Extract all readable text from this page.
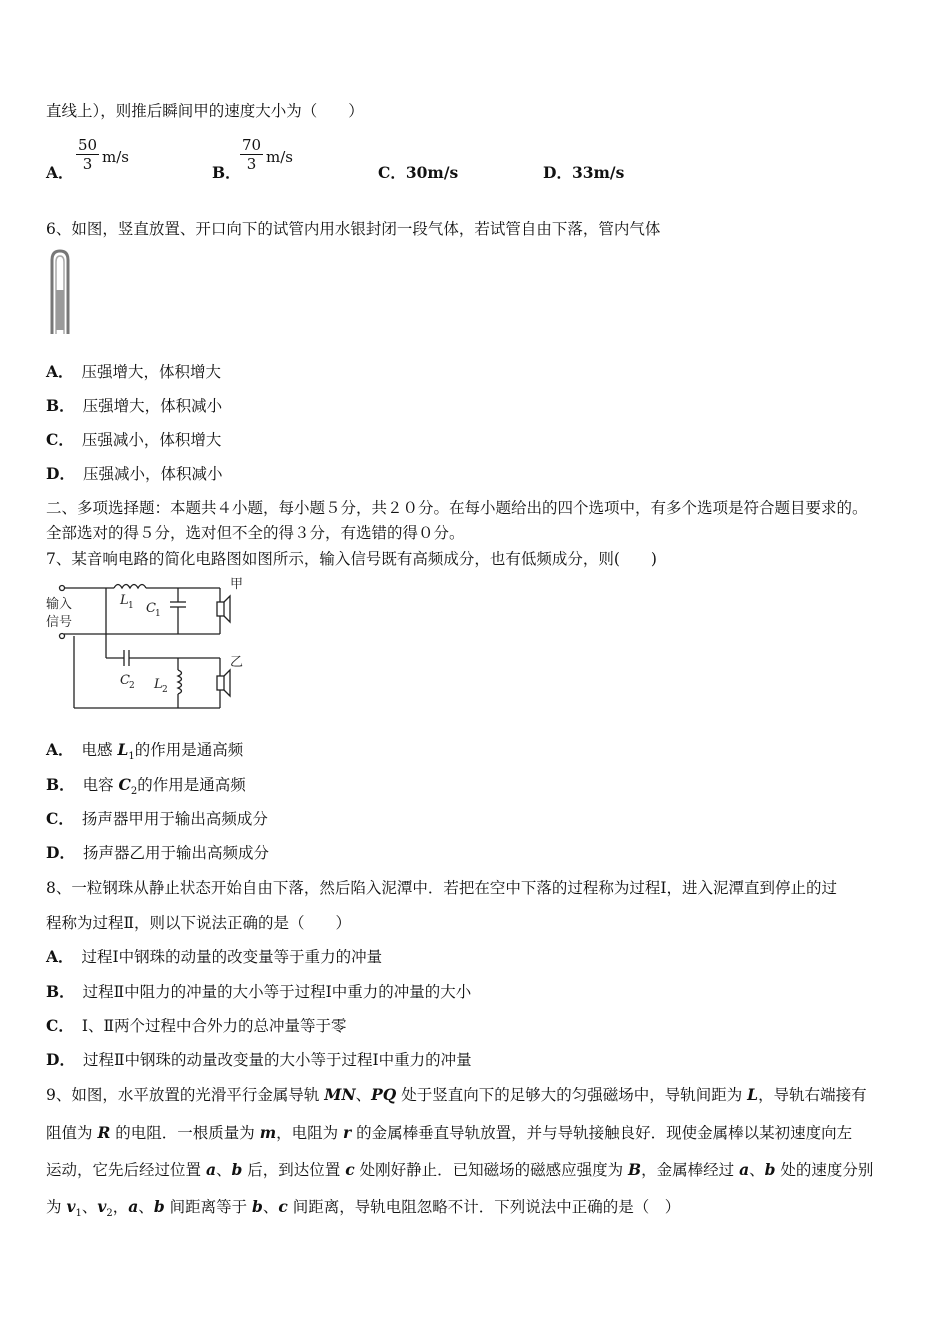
直线上），则推后瞬间甲的速度大小为（　　）
A． $\frac{50}{3} m/s$
B． $\frac{70}{3} m/s$
C．30m/s	D．33m/s
6、如图，竖直放置、开口向下的试管内用水银封闭一段气体，若试管自由下落，管内气体
A． 压强增大，体积增大
B． 压强增大，体积减小
C． 压强减小，体积增大
D． 压强减小，体积减小
二、多项选择题：本题共４小题，每小题５分，共２０分。在每小题给出的四个选项中，有多个选项是符合题目要求的。
全部选对的得５分，选对但不全的得３分，有选错的得０分。
7、某音响电路的简化电路图如图所示，输入信号既有高频成分，也有低频成分，则(　　)
输入
信号
甲
乙
L 1 C 1
C 2 L 2
A． 电感 $L_1$的作用是通高频
B． 电容 $C_2$的作用是通高频
C． 扬声器甲用于输出高频成分
D． 扬声器乙用于输出高频成分
8、一粒钢珠从静止状态开始自由下落，然后陷入泥潭中．若把在空中下落的过程称为过程Ⅰ，进入泥潭直到停止的过
程称为过程Ⅱ，则以下说法正确的是（　　）
A． 过程Ⅰ中钢珠的动量的改变量等于重力的冲量
B． 过程Ⅱ中阻力的冲量的大小等于过程Ⅰ中重力的冲量的大小
C． Ⅰ、Ⅱ两个过程中合外力的总冲量等于零
D． 过程Ⅱ中钢珠的动量改变量的大小等于过程Ⅰ中重力的冲量
9、如图，水平放置的光滑平行金属导轨 MN、PQ 处于竖直向下的足够大的匀强磁场中，导轨间距为 L，导轨右端接有
阻值为 R 的电阻．一根质量为 m，电阻为 r 的金属棒垂直导轨放置，并与导轨接触良好．现使金属棒以某初速度向左
运动，它先后经过位置 a、b 后，到达位置 c 处刚好静止．已知磁场的磁感应强度为 B，金属棒经过 a、b 处的速度分别
为 $v_1$、$v_2$，a、b 间距离等于 b、c 间距离，导轨电阻忽略不计．下列说法中正确的是（　）
